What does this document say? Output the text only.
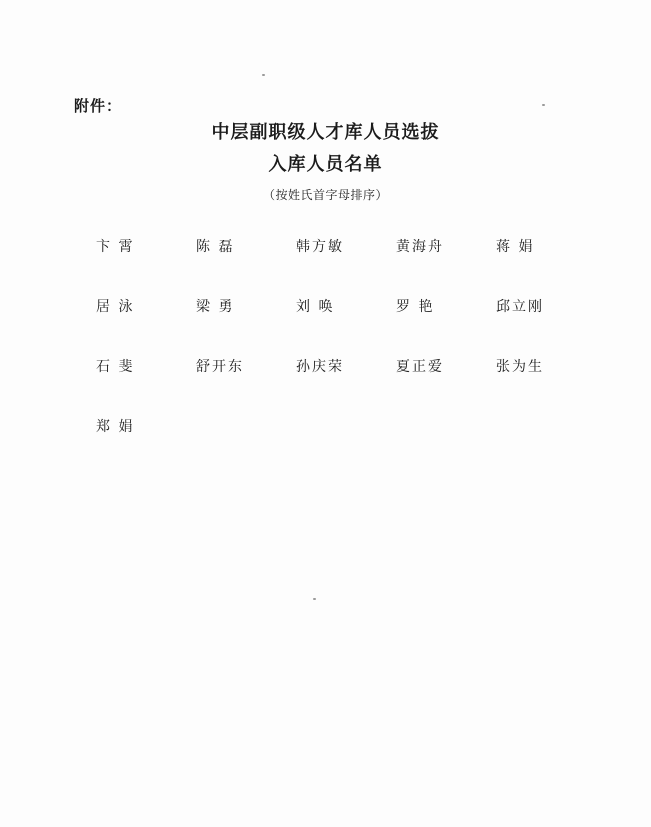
附件：
中层副职级人才库人员选拔
入库人员名单
（按姓氏首字母排序）
卞 霄	陈 磊	韩方敏	黄海舟	蒋 娟
居 泳	梁 勇	刘 唤	罗 艳	邱立刚
石 斐	舒开东	孙庆荣	夏正爱	张为生
郑 娟
